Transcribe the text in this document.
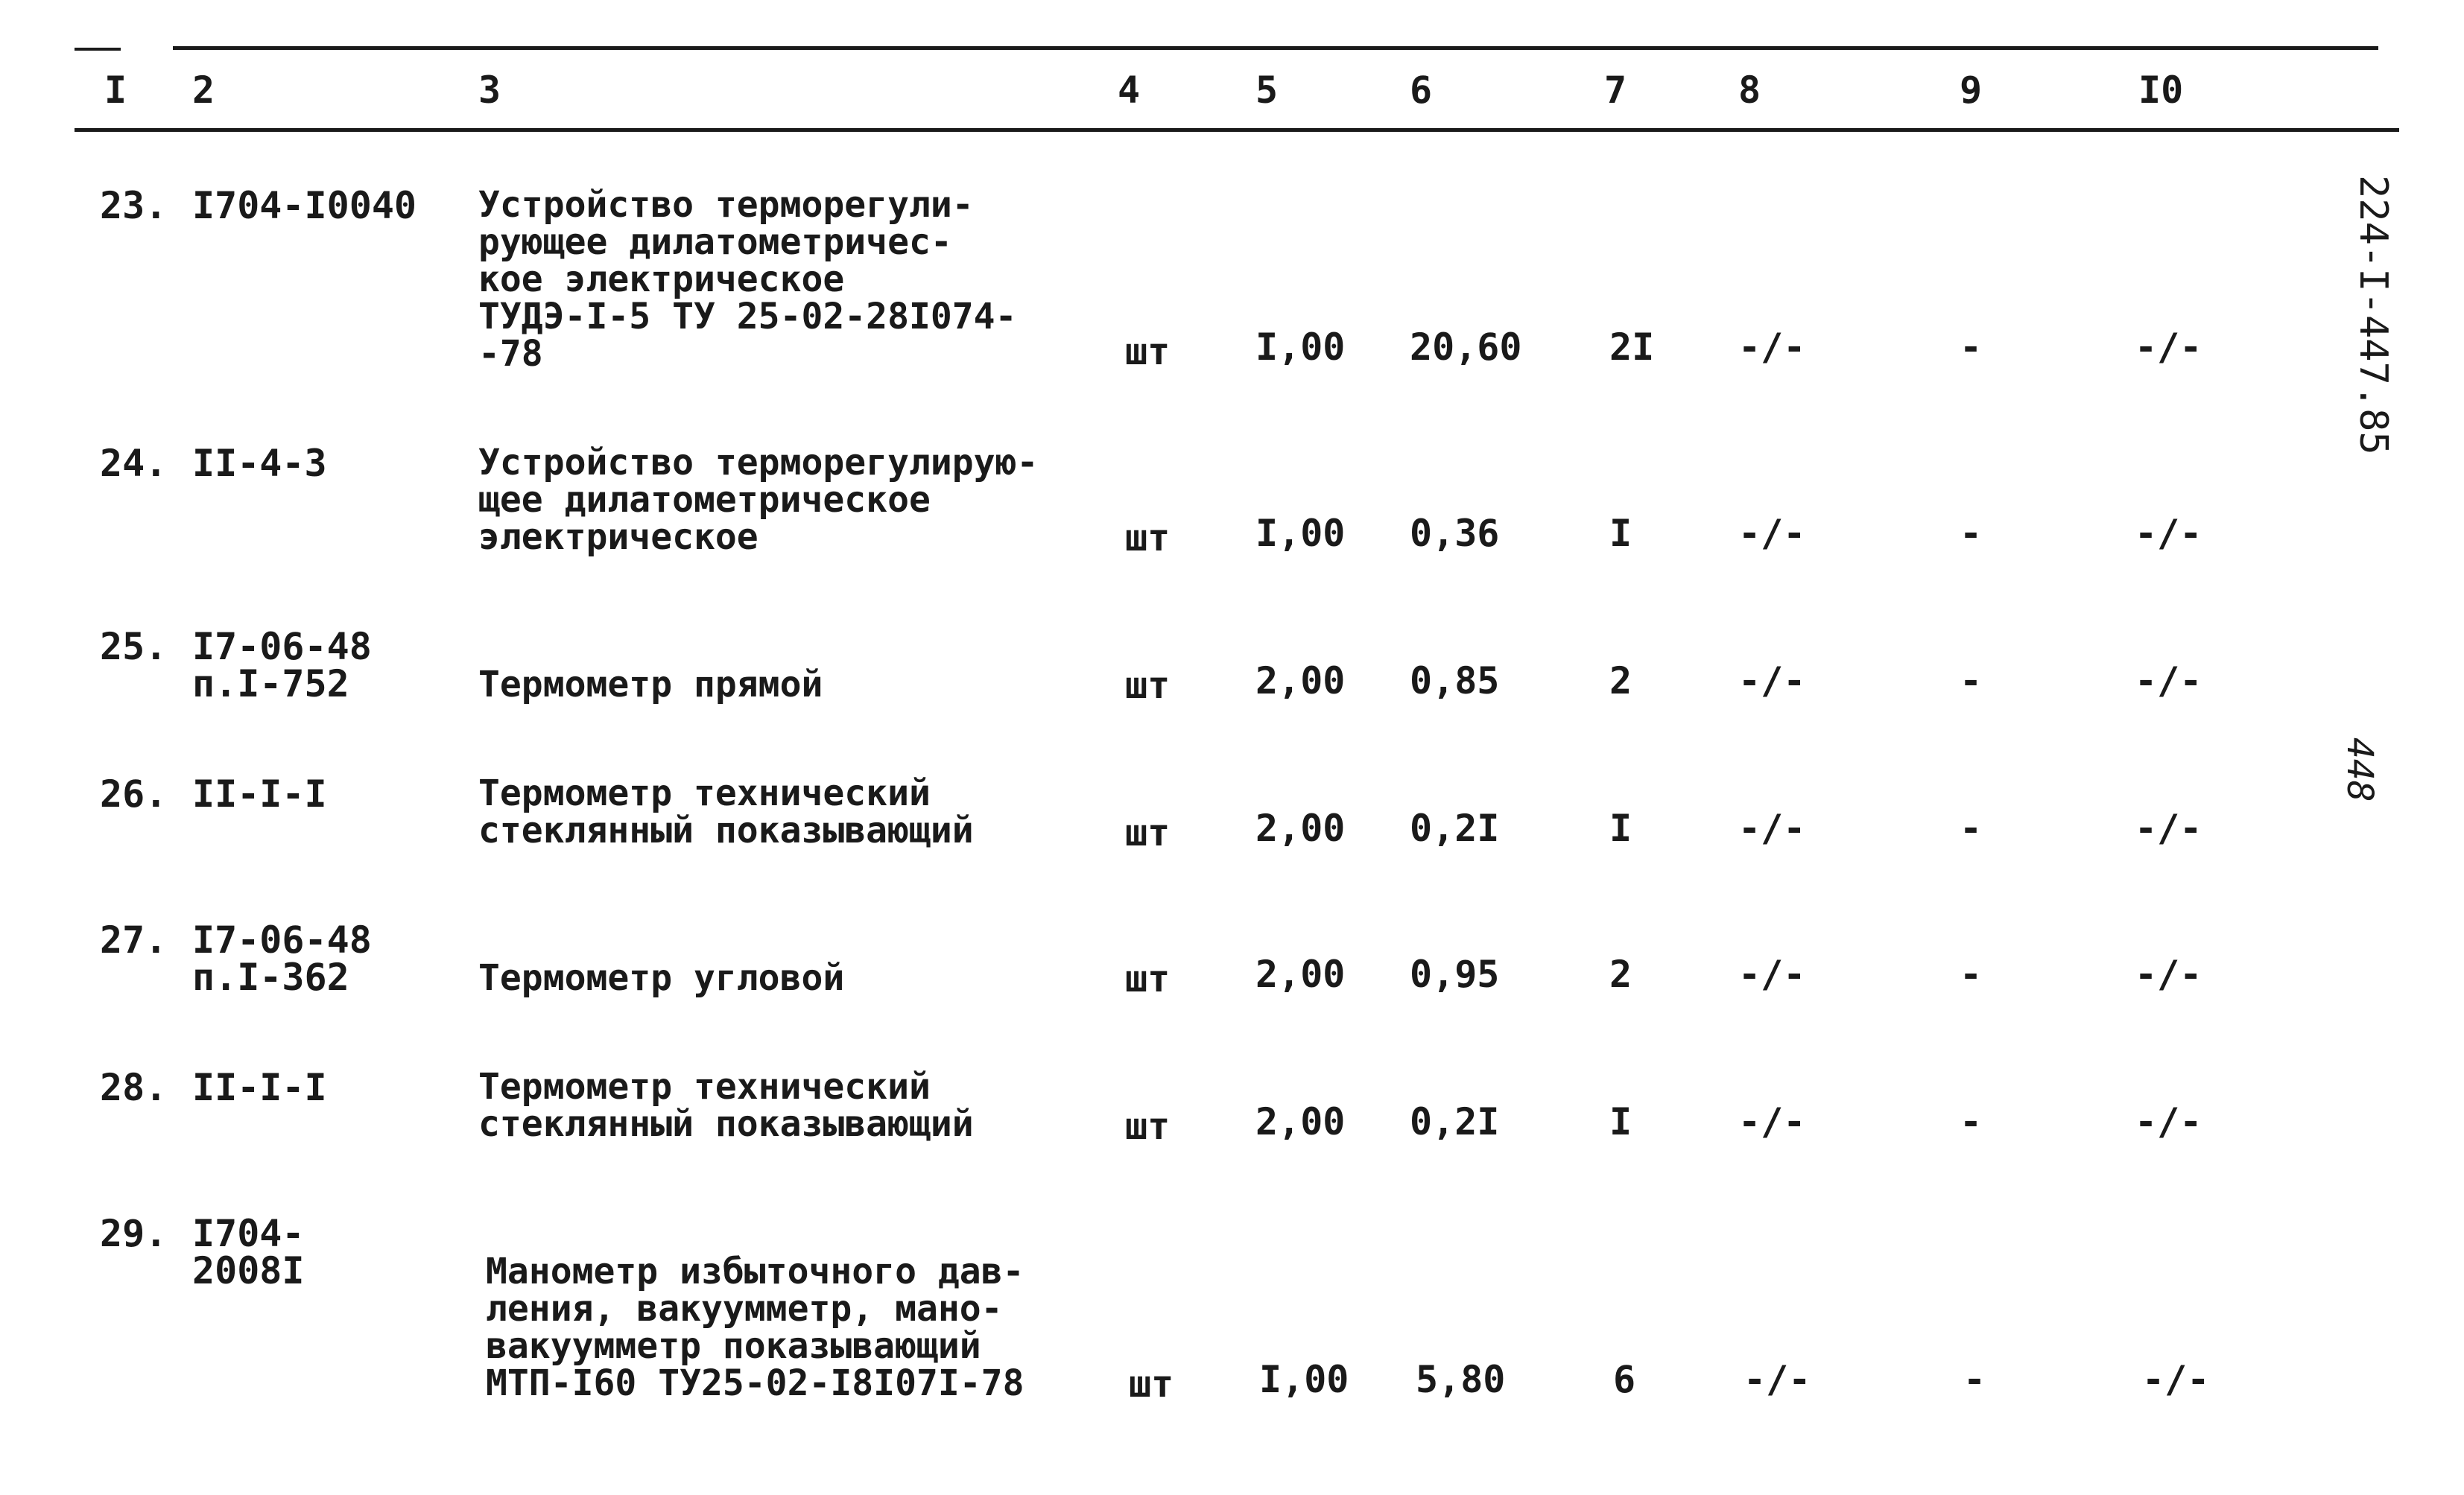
I 2	3	4	5	6	7	8	9	I0
224-I-447.85
448
23. I704-I0040 Устройство терморегули-
рующее дилатометричес-
кое электрическое
ТУДЭ-I-5 ТУ 25-02-28I074-
-78	шт I,00 20,60 2I -/-	-	-/-
24. II-4-3	Устройство терморегулирую-
щее дилатометрическое
электрическое	шт I,00 0,36	I	-/-	-	-/-
25. I7-06-48
п.I-752	Термометр прямой	шт 2,00 0,85	2	-/-	-	-/-
26. II-I-I	Термометр технический
стеклянный показывающий	шт 2,00 0,2I	I	-/-	-	-/-
27. I7-06-48
п.I-362	Термометр угловой	шт 2,00 0,95	2	-/-	-	-/-
28. II-I-I	Термометр технический
стеклянный показывающий	шт 2,00 0,2I	I	-/-	-	-/-
29. I704-
2008I	Манометр избыточного дав-
ления, вакуумметр, мано-
вакуумметр показывающий
МТП-I60 ТУ25-02-I8I07I-78	шт I,00 5,80	6	-/-	-	-/-
